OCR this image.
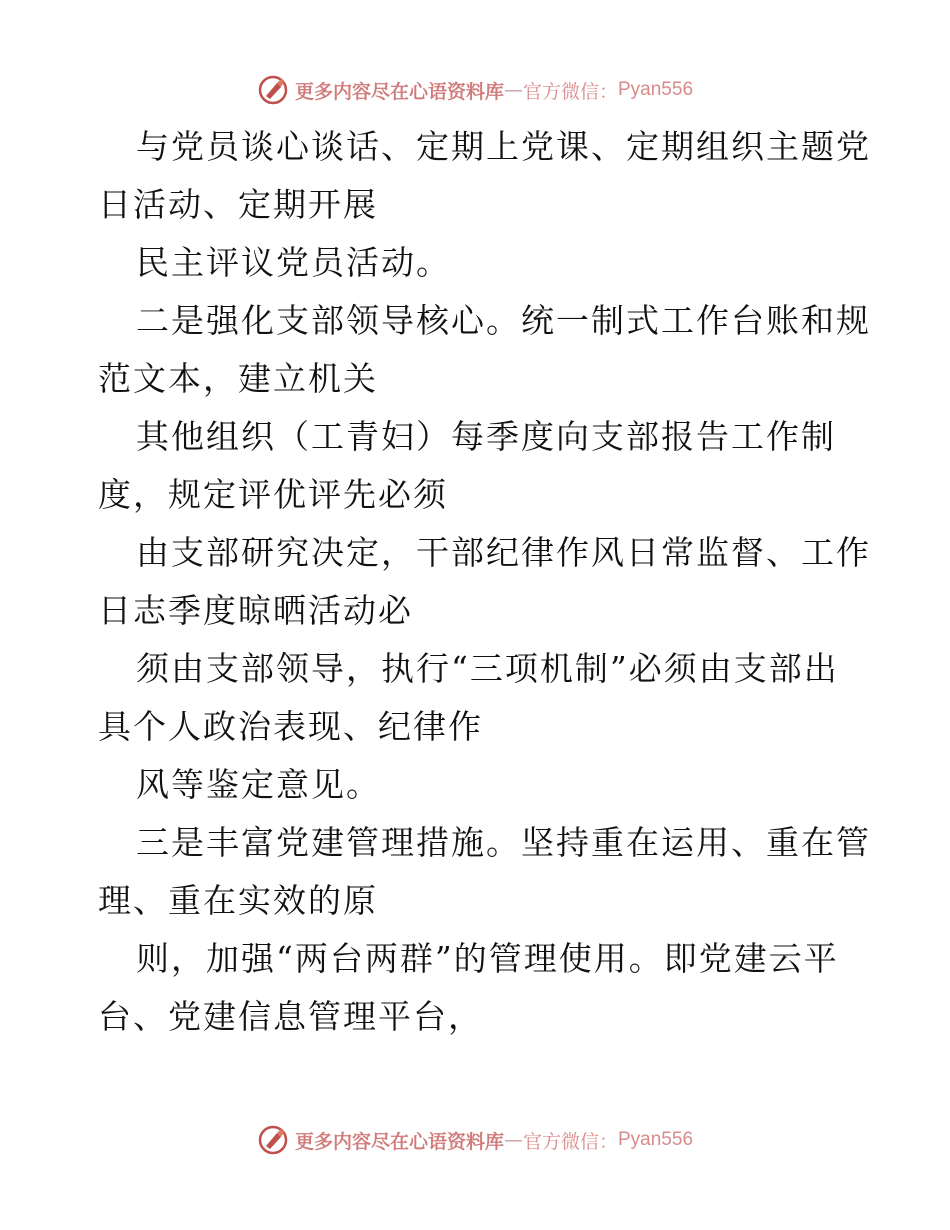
更多内容尽在心语资料库 — 官方微信： Pyan556
与党员谈心谈话、定期上党课、定期组织主题党
日活动、定期开展
民主评议党员活动。
二是强化支部领导核心。统一制式工作台账和规
范文本，建立机关
其他组织（工青妇）每季度向支部报告工作制
度，规定评优评先必须
由支部研究决定，干部纪律作风日常监督、工作
日志季度晾晒活动必
须由支部领导，执行“三项机制”必须由支部出
具个人政治表现、纪律作
风等鉴定意见。
三是丰富党建管理措施。坚持重在运用、重在管
理、重在实效的原
则，加强“两台两群”的管理使用。即党建云平
台、党建信息管理平台，
更多内容尽在心语资料库 — 官方微信： Pyan556
